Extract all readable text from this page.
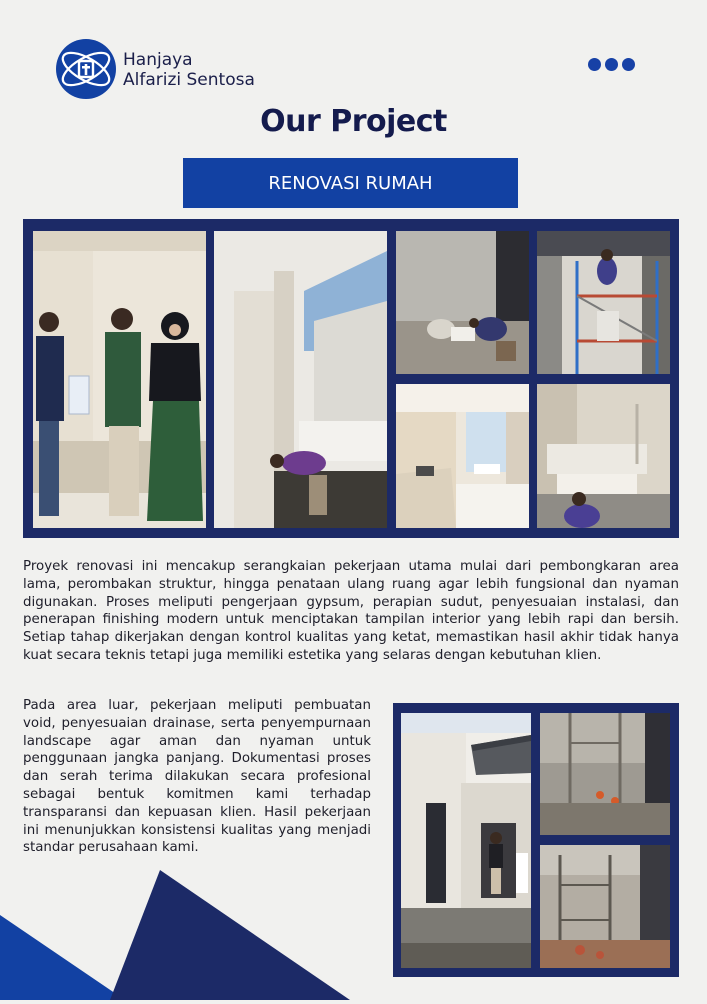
Hanjaya
Alfarizi Sentosa
Our Project
RENOVASI RUMAH

Proyek renovasi ini mencakup serangkaian pekerjaan utama mulai dari pembongkaran area lama, perombakan struktur, hingga penataan ulang ruang agar lebih fungsional dan nyaman digunakan. Proses meliputi pengerjaan gypsum, perapian sudut, penyesuaian instalasi, dan penerapan finishing modern untuk menciptakan tampilan interior yang lebih rapi dan bersih. Setiap tahap dikerjakan dengan kontrol kualitas yang ketat, memastikan hasil akhir tidak hanya kuat secara teknis tetapi juga memiliki estetika yang selaras dengan kebutuhan klien.

Pada area luar, pekerjaan meliputi pembuatan void, penyesuaian drainase, serta penyempurnaan landscape agar aman dan nyaman untuk penggunaan jangka panjang. Dokumentasi proses dan serah terima dilakukan secara profesional sebagai bentuk komitmen kami terhadap transparansi dan kepuasan klien. Hasil pekerjaan ini menunjukkan konsistensi kualitas yang menjadi standar perusahaan kami.
